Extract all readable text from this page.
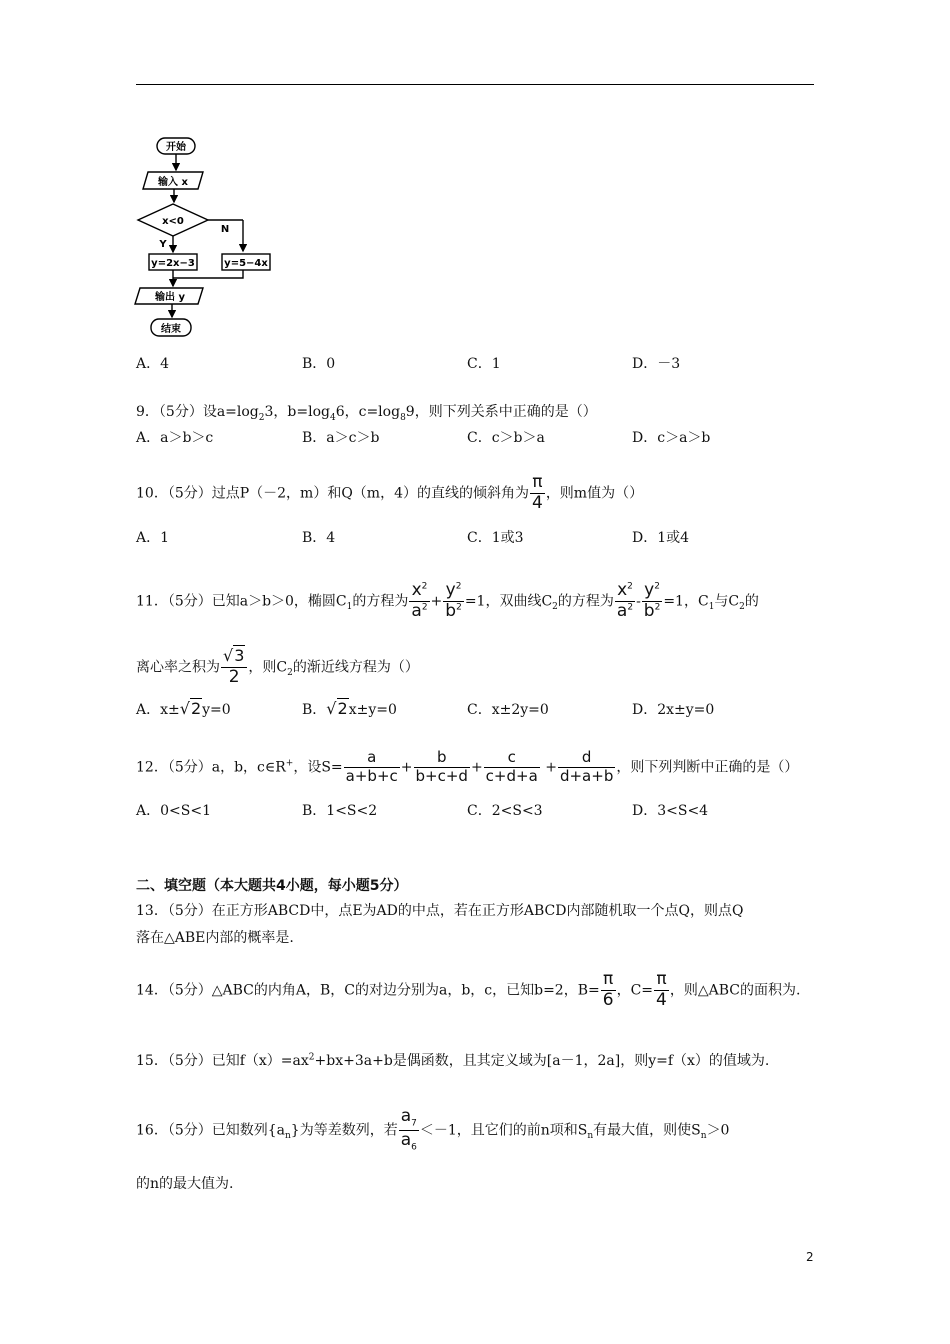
开始
输入 x
x<0
Y
N
y=2x−3	y=5−4x
输出 y
结束
A．4	B．0	C．1	D．－3
9．（5分）设$a=\log_23$，$b=\log_46$，$c=\log_89$，则下列关系中正确的是（）
A．a＞b＞c	B．a＞c＞b	C．c＞b＞a	D．c＞a＞b
10．（5分）过点P（－2，m）和Q（m，4）的直线的倾斜角为 $\frac{\pi}{4}$ ，则m值为（）
A．1	B．4	C．1或3	D．1或4
11．（5分）已知a＞b＞0，椭圆$C_1$的方程为 $\frac{x^2}{a^2} + \frac{y^2}{b^2} =1$，双曲线$C_2$的方程为 $\frac{x^2}{a^2} - \frac{y^2}{b^2} =1$，$C_1$与$C_2$的
离心率之积为 $\frac{√3}{2}$ ，则$C_2$的渐近线方程为（）
A．x±√2y=0	B．√2x±y=0	C．x±2y=0	D．2x±y=0
12．（5分）a，b，c∈R+，设$S= \frac{a}{a+b+c} + \frac{b}{b+c+d} + \frac{c}{c+d+a} + \frac{d}{d+a+b}$ ，则下列判断中正确的是（）
A．0<S<1	B．1<S<2	C．2<S<3	D．3<S<4
二、填空题（本大题共4小题，每小题5分）
13．（5分）在正方形ABCD中，点E为AD的中点，若在正方形ABCD内部随机取一个点Q，则点Q
落在△ABE内部的概率是.
14．（5分）△ABC的内角A，B，C的对边分别为a，b，c，已知b=2，$B= \frac{\pi}{6}$ ，$C= \frac{\pi}{4}$ ，则△ABC的面积为.
15．（5分）已知$f(x)=ax^2+bx+3a+b$是偶函数，且其定义域为[a－1，2a]，则y=f（x）的值域为.
16．（5分）已知数列$\{a_n\}$为等差数列，若 $\frac{a_7}{a_6} <-1$，且它们的前n项和$S_n$有最大值，则使$S_n>0$
的n的最大值为.
2
